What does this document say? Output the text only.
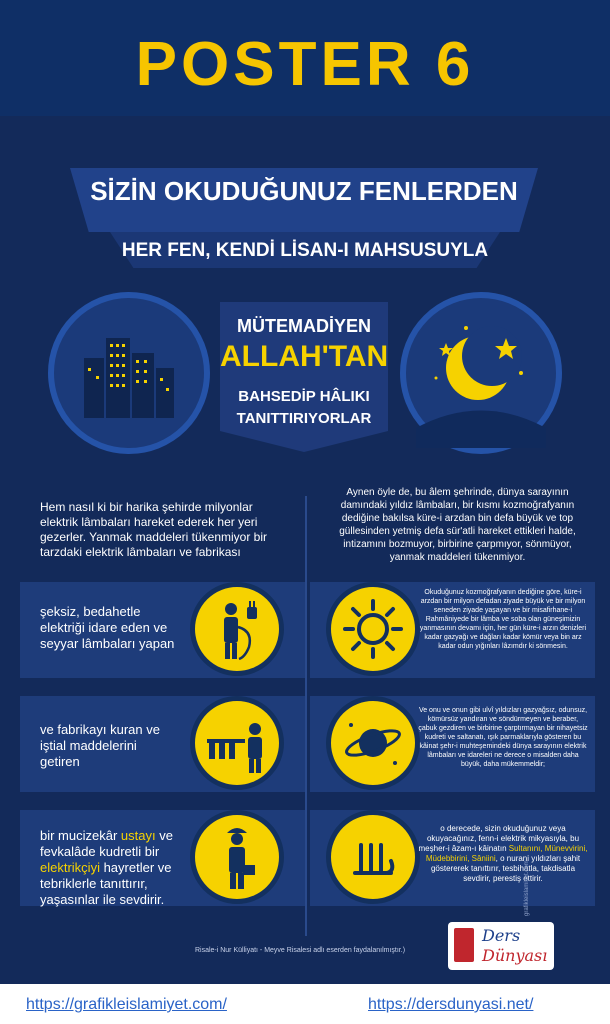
POSTER 6
SİZİN OKUDUĞUNUZ FENLERDEN
HER FEN, KENDİ LİSAN-I MAHSUSUYLA
MÜTEMADİYEN
ALLAH'TAN
BAHSEDİP HÂLIKI
TANITTIRIYORLAR
Hem nasıl ki bir harika şehirde milyonlar elektrik lâmbaları hareket ederek her yeri gezerler. Yanmak maddeleri tükenmiyor bir tarzdaki elektrik lâmbaları ve fabrikası
Aynen öyle de, bu âlem şehrinde, dünya sarayının damındaki yıldız lâmbaları, bir kısmı kozmoğrafyanın dediğine bakılsa küre-i arzdan bin defa büyük ve top güllesinden yetmiş defa sür'atli hareket ettikleri halde, intizamını bozmuyor, birbirine çarpmıyor, sönmüyor, yanmak maddeleri tükenmiyor.
şeksiz, bedahetle elektriği idare eden ve seyyar lâmbaları yapan
ve fabrikayı kuran ve iştial maddelerini getiren
bir mucizekâr ustayı ve fevkalâde kudretli bir elektrikçiyi hayretler ve tebriklerle tanıttırır, yaşasınlar ile sevdirir.
Okuduğunuz kozmoğrafyanın dediğine göre, küre-i arzdan bir milyon defadan ziyade büyük ve bir milyon seneden ziyade yaşayan ve bir misafirhane-i Rahmâniyede bir lâmba ve soba olan güneşimizin yanmasının devamı için, her gün küre-i arzın denizleri kadar gazyağı ve dağları kadar kömür veya bin arz kadar odun yığınları lâzımdır ki sönmesin.
Ve onu ve onun gibi ulvî yıldızları gazyağsız, odunsuz, kömürsüz yandıran ve söndürmeyen ve beraber, çabuk gezdiren ve birbirine çarptırmayan bir nihayetsiz kudreti ve saltanatı, ışık parmaklarıyla gösteren bu kâinat şehr-i muhteşemindeki dünya sarayının elektrik lâmbaları ve idareleri ne derece o misalden daha büyük, daha mükemmeldir;
o derecede, sizin okuduğunuz veya okuyacağınız, fenn-i elektrik mikyasıyla, bu meşher-i âzam-ı kâinatın Sultanını, Münevvirini, Müdebbirini, Sâniini, o nurani yıldızları şahit göstererek tanıttırır, tesbihatla, takdisatla sevdirir, perestiş ettirir.
Risale-i Nur Külliyatı - Meyve Risalesi adlı eserden faydalanılmıştır.)
grafikleislamiyet.com
Ders
Dünyası
https://grafikleislamiyet.com/	https://dersdunyasi.net/
